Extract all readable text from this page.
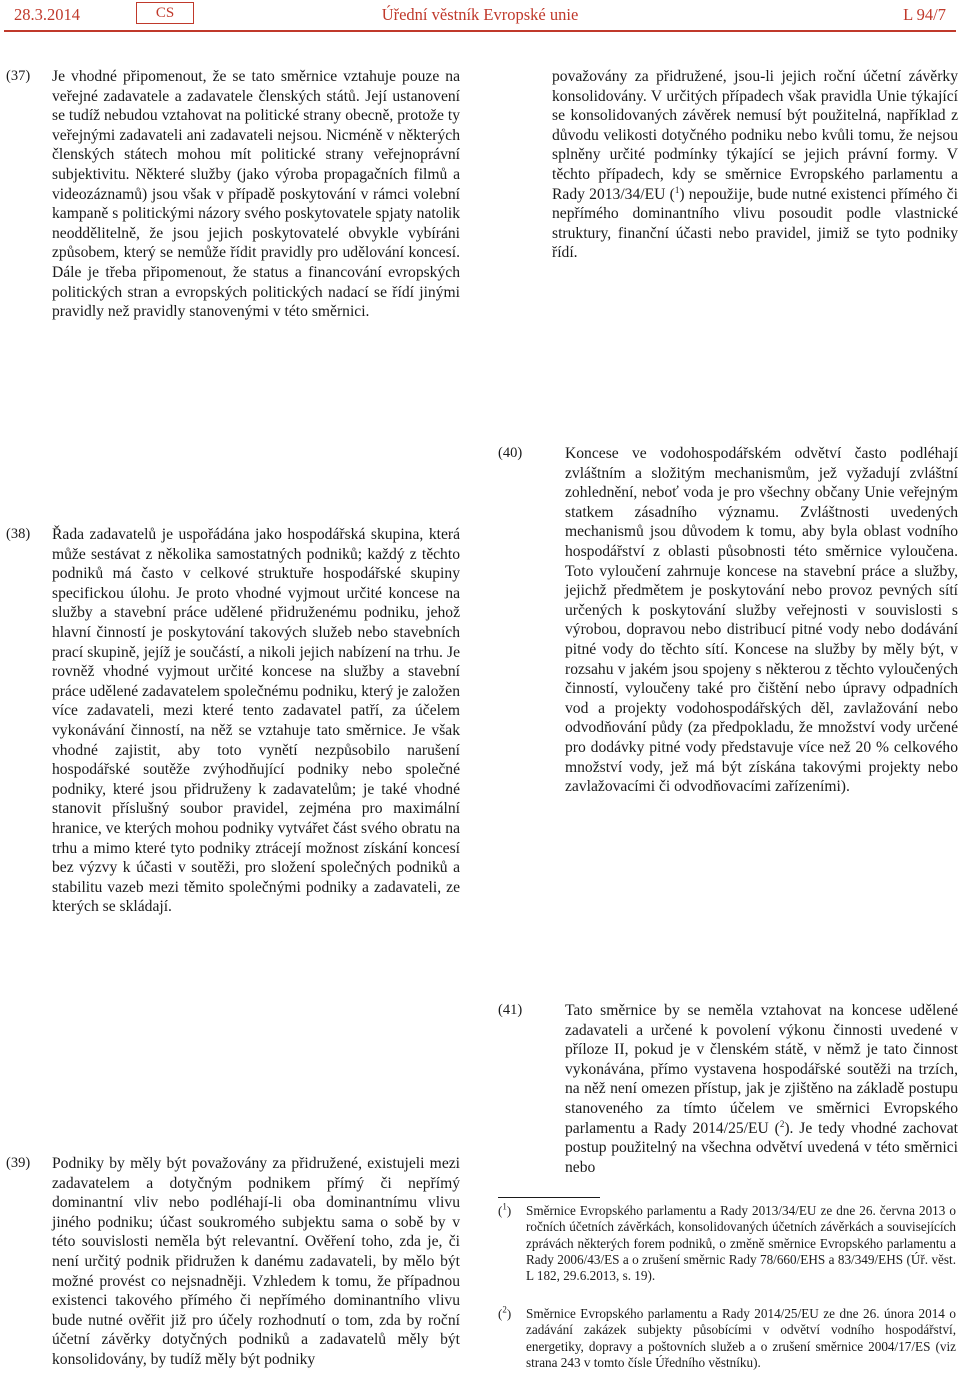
28.3.2014	CS	Úřední věstník Evropské unie	L 94/7
(37) Je vhodné připomenout, že se tato směrnice vztahuje pouze na veřejné zadavatele a zadavatele členských států. Její ustanovení se tudíž nebudou vztahovat na politické strany obecně, protože ty veřejnými zadavateli ani zadavateli nejsou. Nicméně v některých členských státech mohou mít politické strany veřejnoprávní subjektivitu. Některé služby (jako výroba propagačních filmů a videozáznamů) jsou však v případě poskytování v rámci volební kampaně s politickými názory svého poskytovatele spjaty natolik neoddělitelně, že jsou jejich poskytovatelé obvykle vybíráni způsobem, který se nemůže řídit pravidly pro udělování koncesí. Dále je třeba připomenout, že status a financování evropských politických stran a evropských politických nadací se řídí jinými pravidly než pravidly stanovenými v této směrnici.
považovány za přidružené, jsou-li jejich roční účetní závěrky konsolidovány. V určitých případech však pravidla Unie týkající se konsolidovaných závěrek nemusí být použitelná, například z důvodu velikosti dotyčného podniku nebo kvůli tomu, že nejsou splněny určité podmínky týkající se jejich právní formy. V těchto případech, kdy se směrnice Evropského parlamentu a Rady 2013/34/EU ($^1$) nepoužije, bude nutné existenci přímého či nepřímého dominantního vlivu posoudit podle vlastnické struktury, finanční účasti nebo pravidel, jimiž se tyto podniky řídí.
(38) Řada zadavatelů je uspořádána jako hospodářská skupina, která může sestávat z několika samostatných podniků; každý z těchto podniků má často v celkové struktuře hospodářské skupiny specifickou úlohu. Je proto vhodné vyjmout určité koncese na služby a stavební práce udělené přidruženému podniku, jehož hlavní činností je poskytování takových služeb nebo stavebních prací skupině, jejíž je součástí, a nikoli jejich nabízení na trhu. Je rovněž vhodné vyjmout určité koncese na služby a stavební práce udělené zadavatelem společnému podniku, který je založen více zadavateli, mezi které tento zadavatel patří, za účelem vykonávání činností, na něž se vztahuje tato směrnice. Je však vhodné zajistit, aby toto vynětí nezpůsobilo narušení hospodářské soutěže zvýhodňující podniky nebo společné podniky, které jsou přidruženy k zadavatelům; je také vhodné stanovit příslušný soubor pravidel, zejména pro maximální hranice, ve kterých mohou podniky vytvářet část svého obratu na trhu a mimo které tyto podniky ztrácejí možnost získání koncesí bez výzvy k účasti v soutěži, pro složení společných podniků a stabilitu vazeb mezi těmito společnými podniky a zadavateli, ze kterých se skládají.
(39) Podniky by měly být považovány za přidružené, existujeli mezi zadavatelem a dotyčným podnikem přímý či nepřímý dominantní vliv nebo podléhají-li oba dominantnímu vlivu jiného podniku; účast soukromého subjektu sama o sobě by v této souvislosti neměla být relevantní. Ověření toho, zda je, či není určitý podnik přidružen k danému zadavateli, by mělo být možné provést co nejsnadněji. Vzhledem k tomu, že případnou existenci takového přímého či nepřímého dominantního vlivu bude nutné ověřit již pro účely rozhodnutí o tom, zda by roční účetní závěrky dotyčných podniků a zadavatelů měly být konsolidovány, by tudíž měly být podniky
(40)	Koncese ve vodohospodářském odvětví často podléhají zvláštním a složitým mechanismům, jež vyžadují zvláštní zohlednění, neboť voda je pro všechny občany Unie veřejným statkem zásadního významu. Zvláštnosti uvedených mechanismů jsou důvodem k tomu, aby byla oblast vodního hospodářství z oblasti působnosti této směrnice vyloučena. Toto vyloučení zahrnuje koncese na stavební práce a služby, jejichž předmětem je poskytování nebo provoz pevných sítí určených k poskytování služby veřejnosti v souvislosti s výrobou, dopravou nebo distribucí pitné vody nebo dodávání pitné vody do těchto sítí. Koncese na služby by měly být, v rozsahu v jakém jsou spojeny s některou z těchto vyloučených činností, vyloučeny také pro čištění nebo úpravy odpadních vod a projekty vodohospodářských děl, zavlažování nebo odvodňování půdy (za předpokladu, že množství vody určené pro dodávky pitné vody představuje více než 20 % celkového množství vody, jež má být získána takovými projekty nebo zavlažovacími či odvodňovacími zařízeními).
(41)	Tato směrnice by se neměla vztahovat na koncese udělené zadavateli a určené k povolení výkonu činnosti uvedené v příloze II, pokud je v členském státě, v němž je tato činnost vykonávána, přímo vystavena hospodářské soutěži na trzích, na něž není omezen přístup, jak je zjištěno na základě postupu stanoveného za tímto účelem ve směrnici Evropského parlamentu a Rady 2014/25/EU ($^2$). Je tedy vhodné zachovat postup použitelný na všechna odvětví uvedená v této směrnici nebo
($^1$) Směrnice Evropského parlamentu a Rady 2013/34/EU ze dne 26. června 2013 o ročních účetních závěrkách, konsolidovaných účetních závěrkách a souvisejících zprávách některých forem podniků, o změně směrnice Evropského parlamentu a Rady 2006/43/ES a o zrušení směrnic Rady 78/660/EHS a 83/349/EHS (Úř. věst. L 182, 29.6.2013, s. 19).
($^2$) Směrnice Evropského parlamentu a Rady 2014/25/EU ze dne 26. února 2014 o zadávání zakázek subjekty působícími v odvětví vodního hospodářství, energetiky, dopravy a poštovních služeb a o zrušení směrnice 2004/17/ES (viz strana 243 v tomto čísle Úředního věstníku).
